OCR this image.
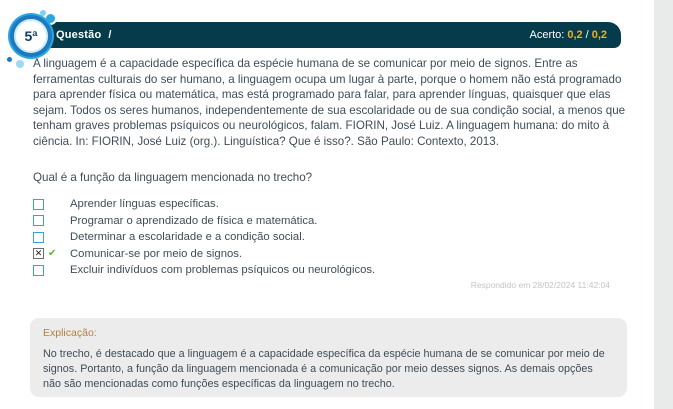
Questão /	Acerto: 0,2 / 0,2
5ª

A linguagem é a capacidade específica da espécie humana de se comunicar por meio de signos. Entre as ferramentas culturais do ser humano, a linguagem ocupa um lugar à parte, porque o homem não está programado para aprender física ou matemática, mas está programado para falar, para aprender línguas, quaisquer que elas sejam. Todos os seres humanos, independentemente de sua escolaridade ou de sua condição social, a menos que tenham graves problemas psíquicos ou neurológicos, falam. FIORIN, José Luiz. A linguagem humana: do mito à ciência. In: FIORIN, José Luiz (org.). Linguística? Que é isso?. São Paulo: Contexto, 2013.

Qual é a função da linguagem mencionada no trecho?

Aprender línguas específicas.
Programar o aprendizado de física e matemática.
Determinar a escolaridade e a condição social.
✕ ✔	Comunicar-se por meio de signos.
Excluir indivíduos com problemas psíquicos ou neurológicos.
Respondido em 28/02/2024 11:42:04
Explicação:
No trecho, é destacado que a linguagem é a capacidade específica da espécie humana de se comunicar por meio de signos. Portanto, a função da linguagem mencionada é a comunicação por meio desses signos. As demais opções não são mencionadas como funções específicas da linguagem no trecho.
